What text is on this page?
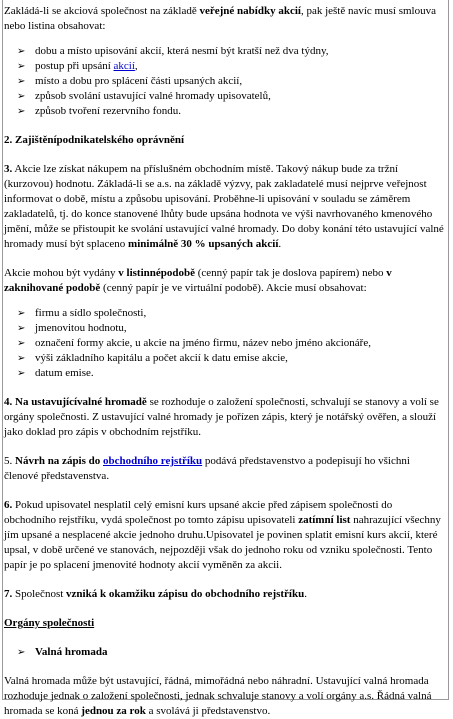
Zakládá-li se akciová společnost na základě veřejné nabídky akcií, pak ještě navíc musí smlouva nebo listina obsahovat:

➢ dobu a místo upisování akcií, která nesmí být kratší než dva týdny,
➢ postup při upsání akcií,
➢ místo a dobu pro splácení části upsaných akcií,
➢ způsob svolání ustavující valné hromady upisovatelů,
➢ způsob tvoření rezervního fondu.

2. Zajištěnípodnikatelského oprávnění

3. Akcie lze získat nákupem na příslušném obchodním místě. Takový nákup bude za tržní (kurzovou) hodnotu. Základá-li se a.s. na základě výzvy, pak zakladatelé musí nejprve veřejnost informovat o době, místu a způsobu upisování. Proběhne-li upisování v souladu se záměrem zakladatelů, tj. do konce stanovené lhůty bude upsána hodnota ve výši navrhovaného kmenového jmění, může se přistoupit ke svolání ustavující valné hromady. Do doby konání této ustavující valné hromady musí být splaceno minimálně 30 % upsaných akcií.

Akcie mohou být vydány v listinnépodobě (cenný papír tak je doslova papírem) nebo v zaknihované podobě (cenný papír je ve virtuální podobě). Akcie musí obsahovat:

➢ firmu a sídlo společnosti,
➢ jmenovitou hodnotu,
➢ označení formy akcie, u akcie na jméno firmu, název nebo jméno akcionáře,
➢ výši základního kapitálu a počet akcií k datu emise akcie,
➢ datum emise.

4. Na ustavujícívalné hromadě se rozhoduje o založení společnosti, schvalují se stanovy a volí se orgány společnosti. Z ustavující valné hromady je pořízen zápis, který je notářský ověřen, a slouží jako doklad pro zápis v obchodním rejstříku.

5. Návrh na zápis do obchodního rejstříku podává představenstvo a podepisují ho všichni členové představenstva.

6. Pokud upisovatel nesplatil celý emisní kurs upsané akcie před zápisem společnosti do obchodního rejstříku, vydá společnost po tomto zápisu upisovateli zatímní list nahrazující všechny jím upsané a nesplacené akcie jednoho druhu.Upisovatel je povinen splatit emisní kurs akcií, které upsal, v době určené ve stanovách, nejpozději však do jednoho roku od vzniku společnosti. Tento papír je po splacení jmenovité hodnoty akcií vyměněn za akcii.

7. Společnost vzniká k okamžiku zápisu do obchodního rejstříku.

Orgány společnosti

➢ Valná hromada

Valná hromada může být ustavující, řádná, mimořádná nebo náhradní. Ustavující valná hromada rozhoduje jednak o založení společnosti, jednak schvaluje stanovy a volí orgány a.s. Řádná valná hromada se koná jednou za rok a svolává ji představenstvo.
